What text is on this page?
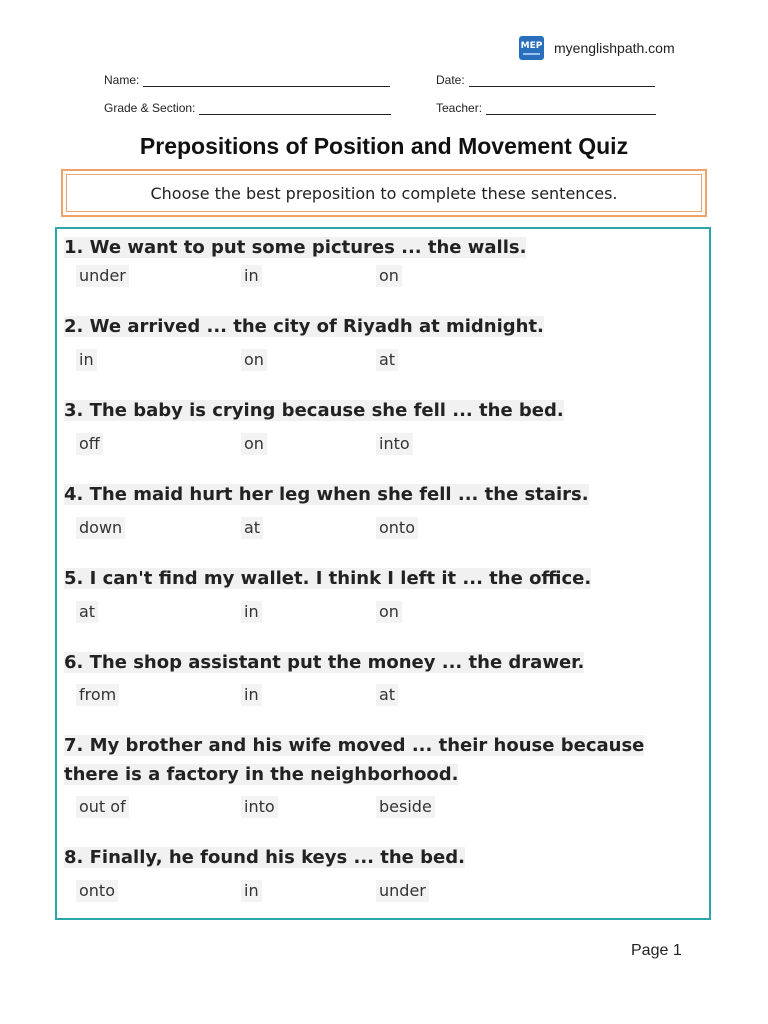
MEP myenglishpath.com
Name:	Date:
Grade & Section:	Teacher:
Prepositions of Position and Movement Quiz
Choose the best preposition to complete these sentences.
1. We want to put some pictures ... the walls.
under	in	on
2. We arrived ... the city of Riyadh at midnight.
in	on	at
3. The baby is crying because she fell ... the bed.
off	on	into
4. The maid hurt her leg when she fell ... the stairs.
down	at	onto
5. I can't find my wallet. I think I left it ... the office.
at	in	on
6. The shop assistant put the money ... the drawer.
from	in	at
7. My brother and his wife moved ... their house because
there is a factory in the neighborhood.
out of	into	beside
8. Finally, he found his keys ... the bed.
onto	in	under
Page 1
